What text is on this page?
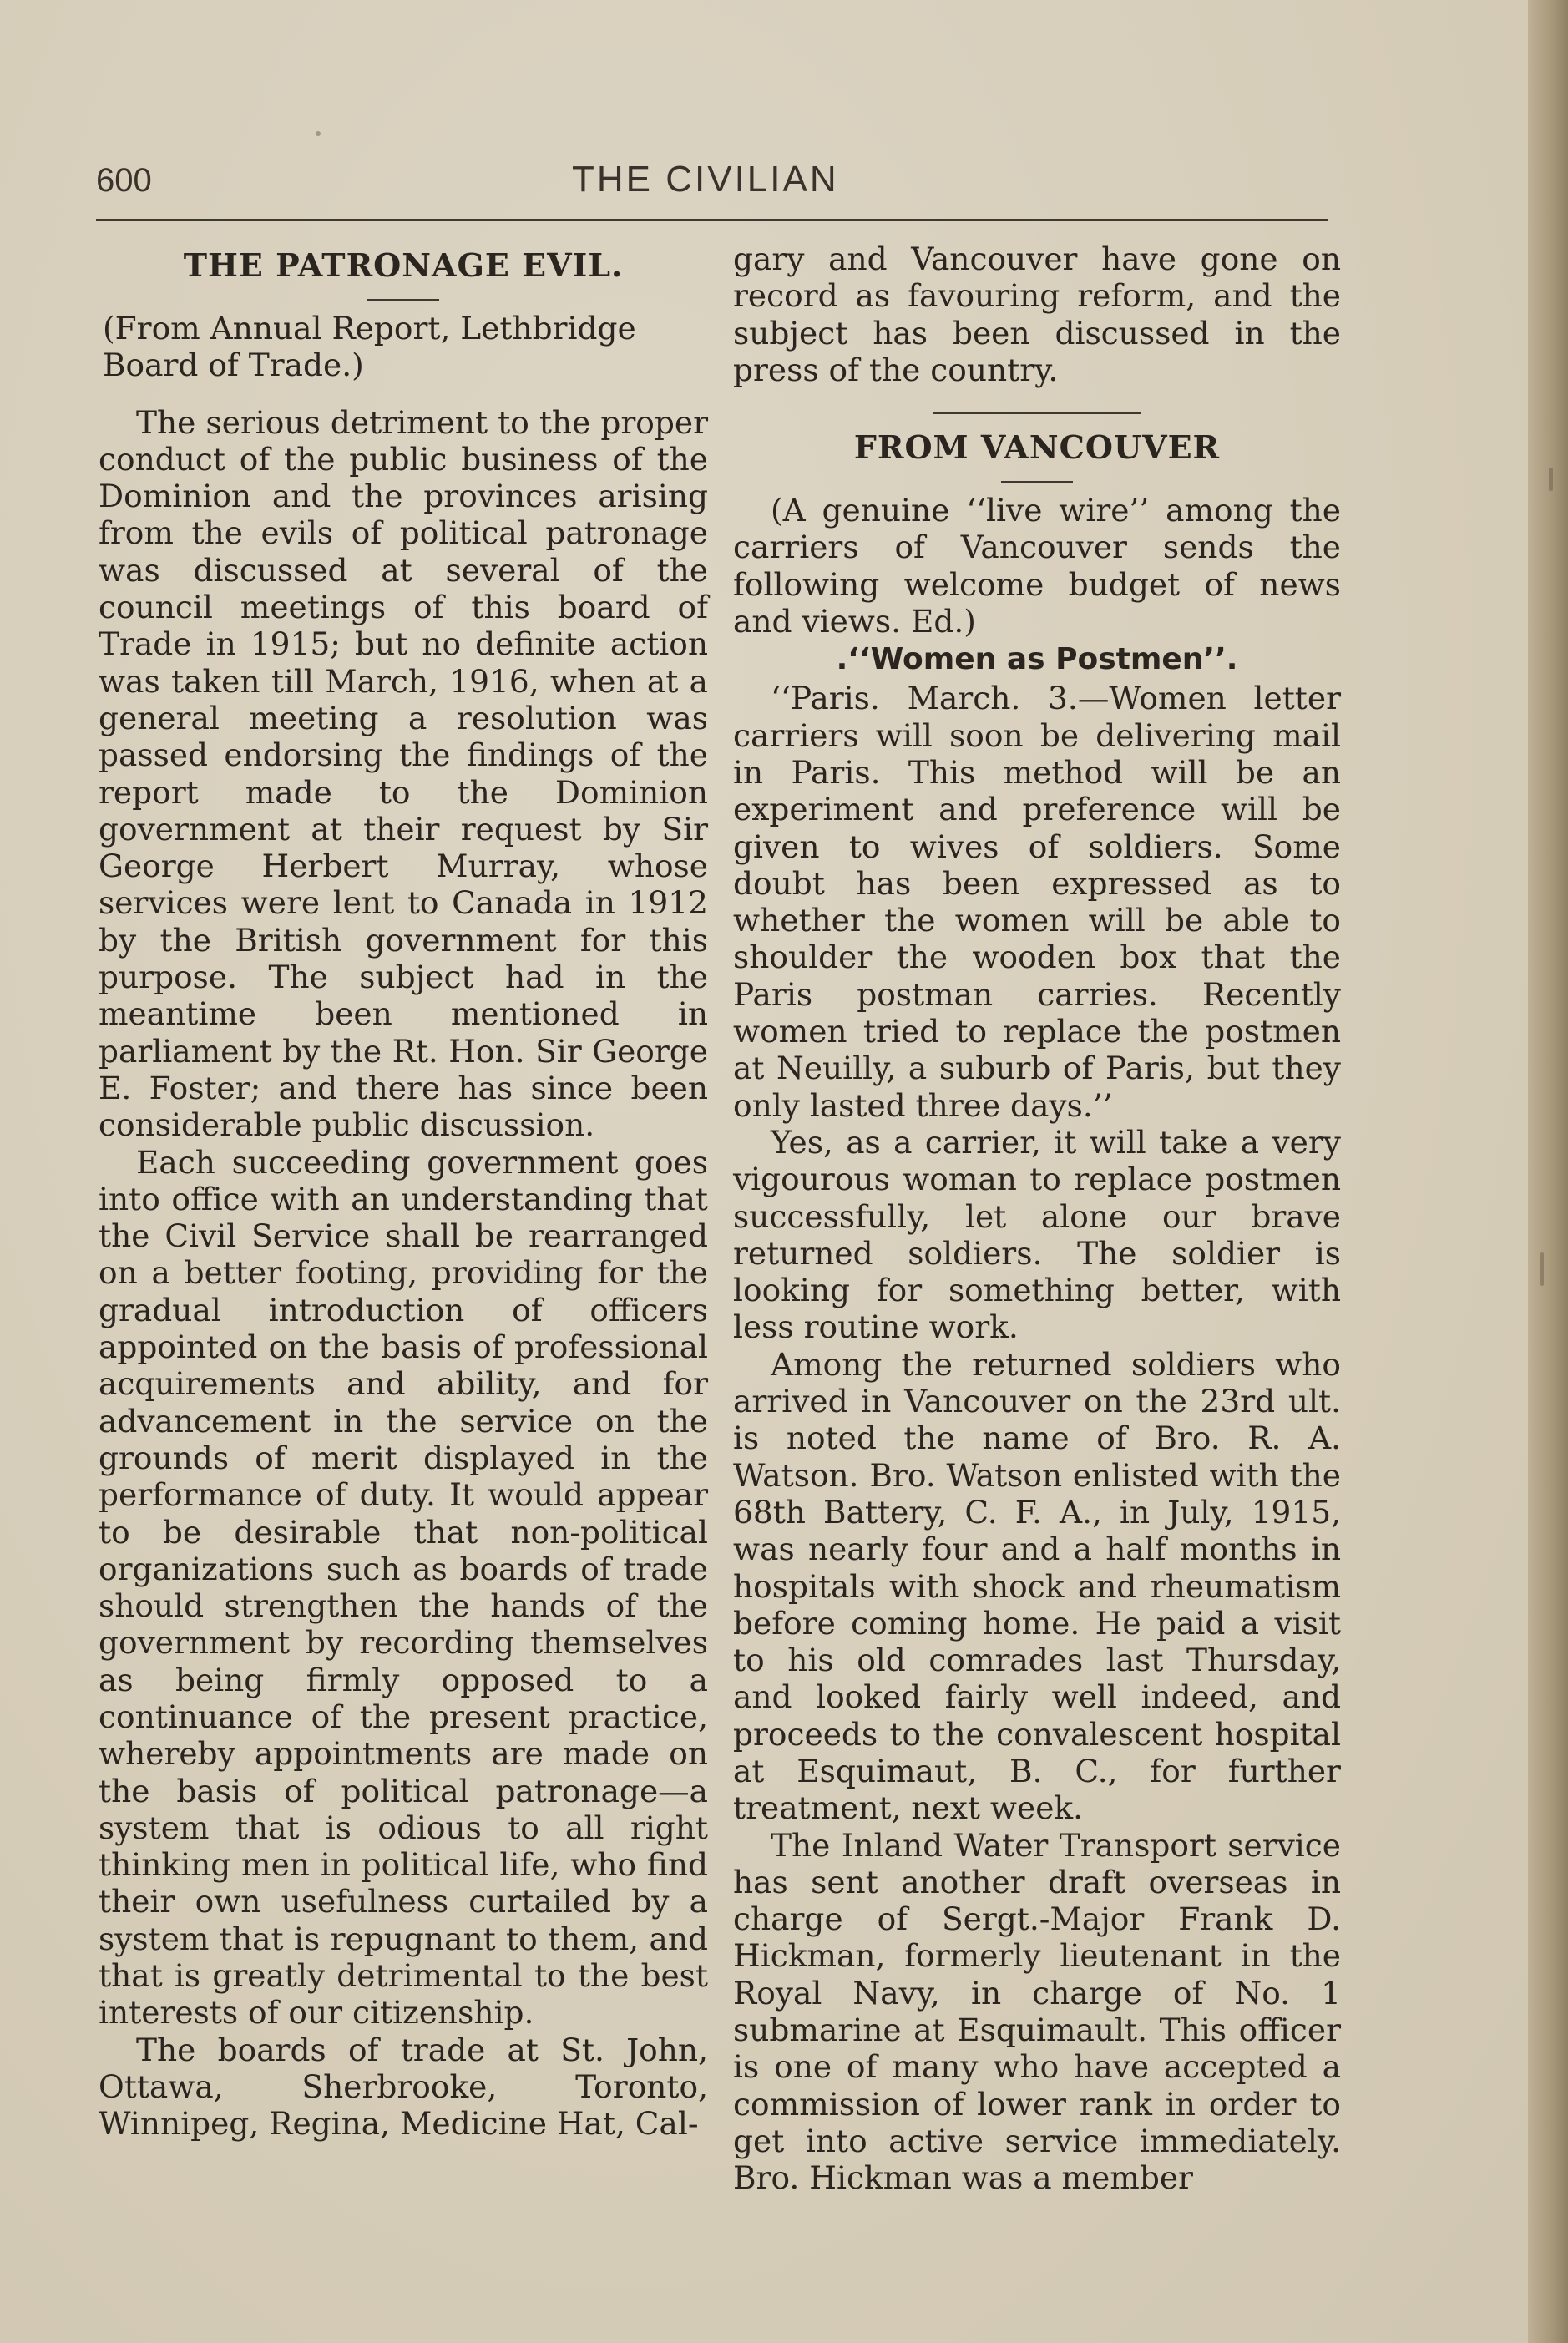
600	THE CIVILIAN
THE PATRONAGE EVIL.

(From Annual Report, Lethbridge Board of Trade.)

The serious detriment to the proper conduct of the public business of the Dominion and the provinces arising from the evils of political patronage was discussed at several of the council meetings of this board of Trade in 1915; but no definite action was taken till March, 1916, when at a general meeting a resolution was passed endorsing the findings of the report made to the Dominion government at their request by Sir George Herbert Murray, whose services were lent to Canada in 1912 by the British government for this purpose. The subject had in the meantime been mentioned in parliament by the Rt. Hon. Sir George E. Foster; and there has since been considerable public discussion.

Each succeeding government goes into office with an understanding that the Civil Service shall be rearranged on a better footing, providing for the gradual introduction of officers appointed on the basis of professional acquirements and ability, and for advancement in the service on the grounds of merit displayed in the performance of duty. It would appear to be desirable that non-political organizations such as boards of trade should strengthen the hands of the government by recording themselves as being firmly opposed to a continuance of the present practice, whereby appointments are made on the basis of political patronage—a system that is odious to all right thinking men in political life, who find their own usefulness curtailed by a system that is repugnant to them, and that is greatly detrimental to the best interests of our citizenship.

The boards of trade at St. John, Ottawa, Sherbrooke, Toronto, Winnipeg, Regina, Medicine Hat, Cal-

gary and Vancouver have gone on record as favouring reform, and the subject has been discussed in the press of the country.

FROM VANCOUVER

(A genuine ‘‘live wire’’ among the carriers of Vancouver sends the following welcome budget of news and views. Ed.)

.‘‘Women as Postmen’’.

‘‘Paris. March. 3.—Women letter carriers will soon be delivering mail in Paris. This method will be an experiment and preference will be given to wives of soldiers. Some doubt has been expressed as to whether the women will be able to shoulder the wooden box that the Paris postman carries. Recently women tried to replace the postmen at Neuilly, a suburb of Paris, but they only lasted three days.’’

Yes, as a carrier, it will take a very vigourous woman to replace postmen successfully, let alone our brave returned soldiers. The soldier is looking for something better, with less routine work.

Among the returned soldiers who arrived in Vancouver on the 23rd ult. is noted the name of Bro. R. A. Watson. Bro. Watson enlisted with the 68th Battery, C. F. A., in July, 1915, was nearly four and a half months in hospitals with shock and rheumatism before coming home. He paid a visit to his old comrades last Thursday, and looked fairly well indeed, and proceeds to the convalescent hospital at Esquimaut, B. C., for further treatment, next week.

The Inland Water Transport service has sent another draft overseas in charge of Sergt.-Major Frank D. Hickman, formerly lieutenant in the Royal Navy, in charge of No. 1 submarine at Esquimault. This officer is one of many who have accepted a commission of lower rank in order to get into active service immediately. Bro. Hickman was a member
